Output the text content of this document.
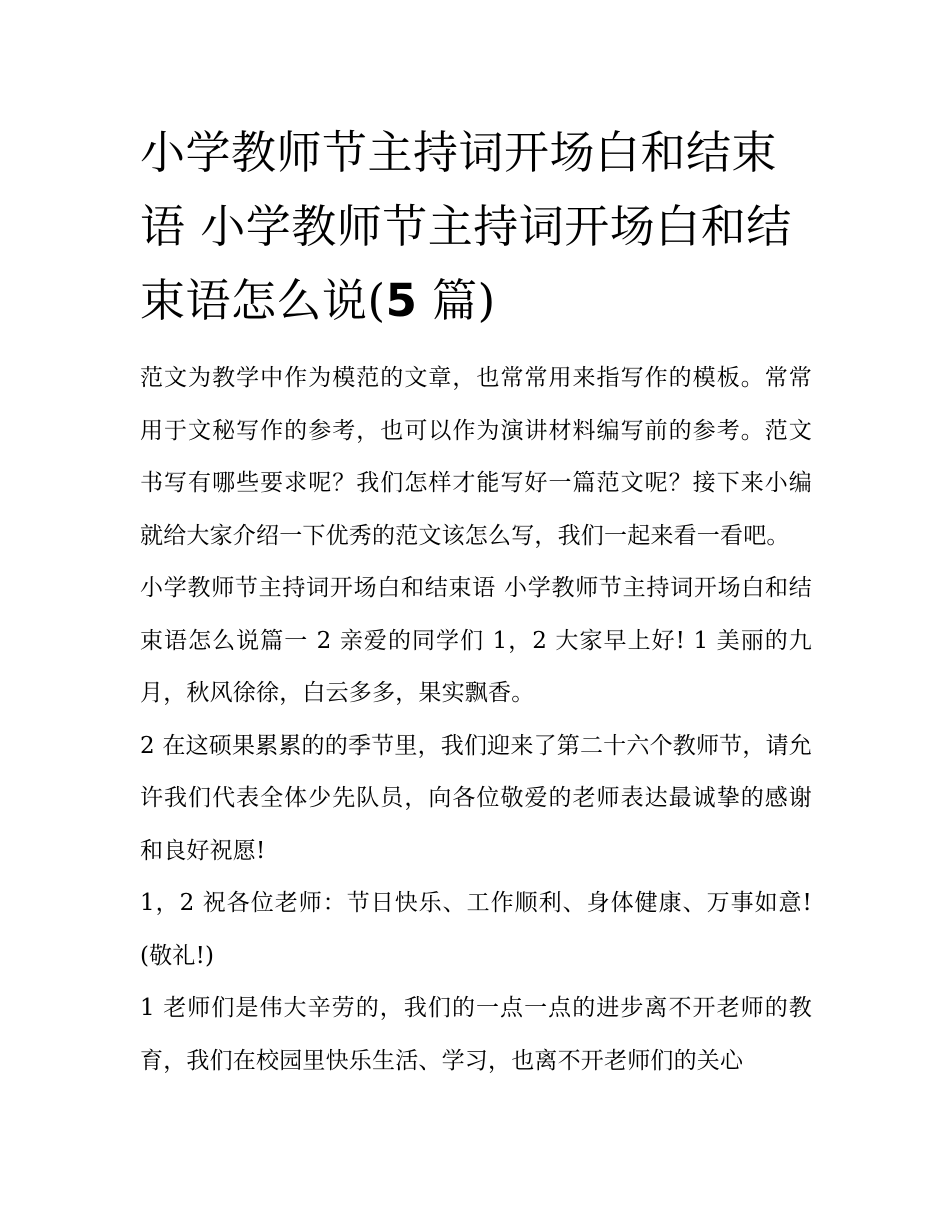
小学教师节主持词开场白和结束语 小学教师节主持词开场白和结束语怎么说(5 篇)

范文为教学中作为模范的文章，也常常用来指写作的模板。常常用于文秘写作的参考，也可以作为演讲材料编写前的参考。范文书写有哪些要求呢？我们怎样才能写好一篇范文呢？接下来小编就给大家介绍一下优秀的范文该怎么写，我们一起来看一看吧。

小学教师节主持词开场白和结束语 小学教师节主持词开场白和结束语怎么说篇一 2 亲爱的同学们 1，2 大家早上好! 1 美丽的九月，秋风徐徐，白云多多，果实飘香。

2 在这硕果累累的的季节里，我们迎来了第二十六个教师节，请允许我们代表全体少先队员，向各位敬爱的老师表达最诚挚的感谢和良好祝愿!

1，2 祝各位老师：节日快乐、工作顺利、身体健康、万事如意!(敬礼!)

1 老师们是伟大辛劳的，我们的一点一点的进步离不开老师的教育，我们在校园里快乐生活、学习，也离不开老师们的关心
